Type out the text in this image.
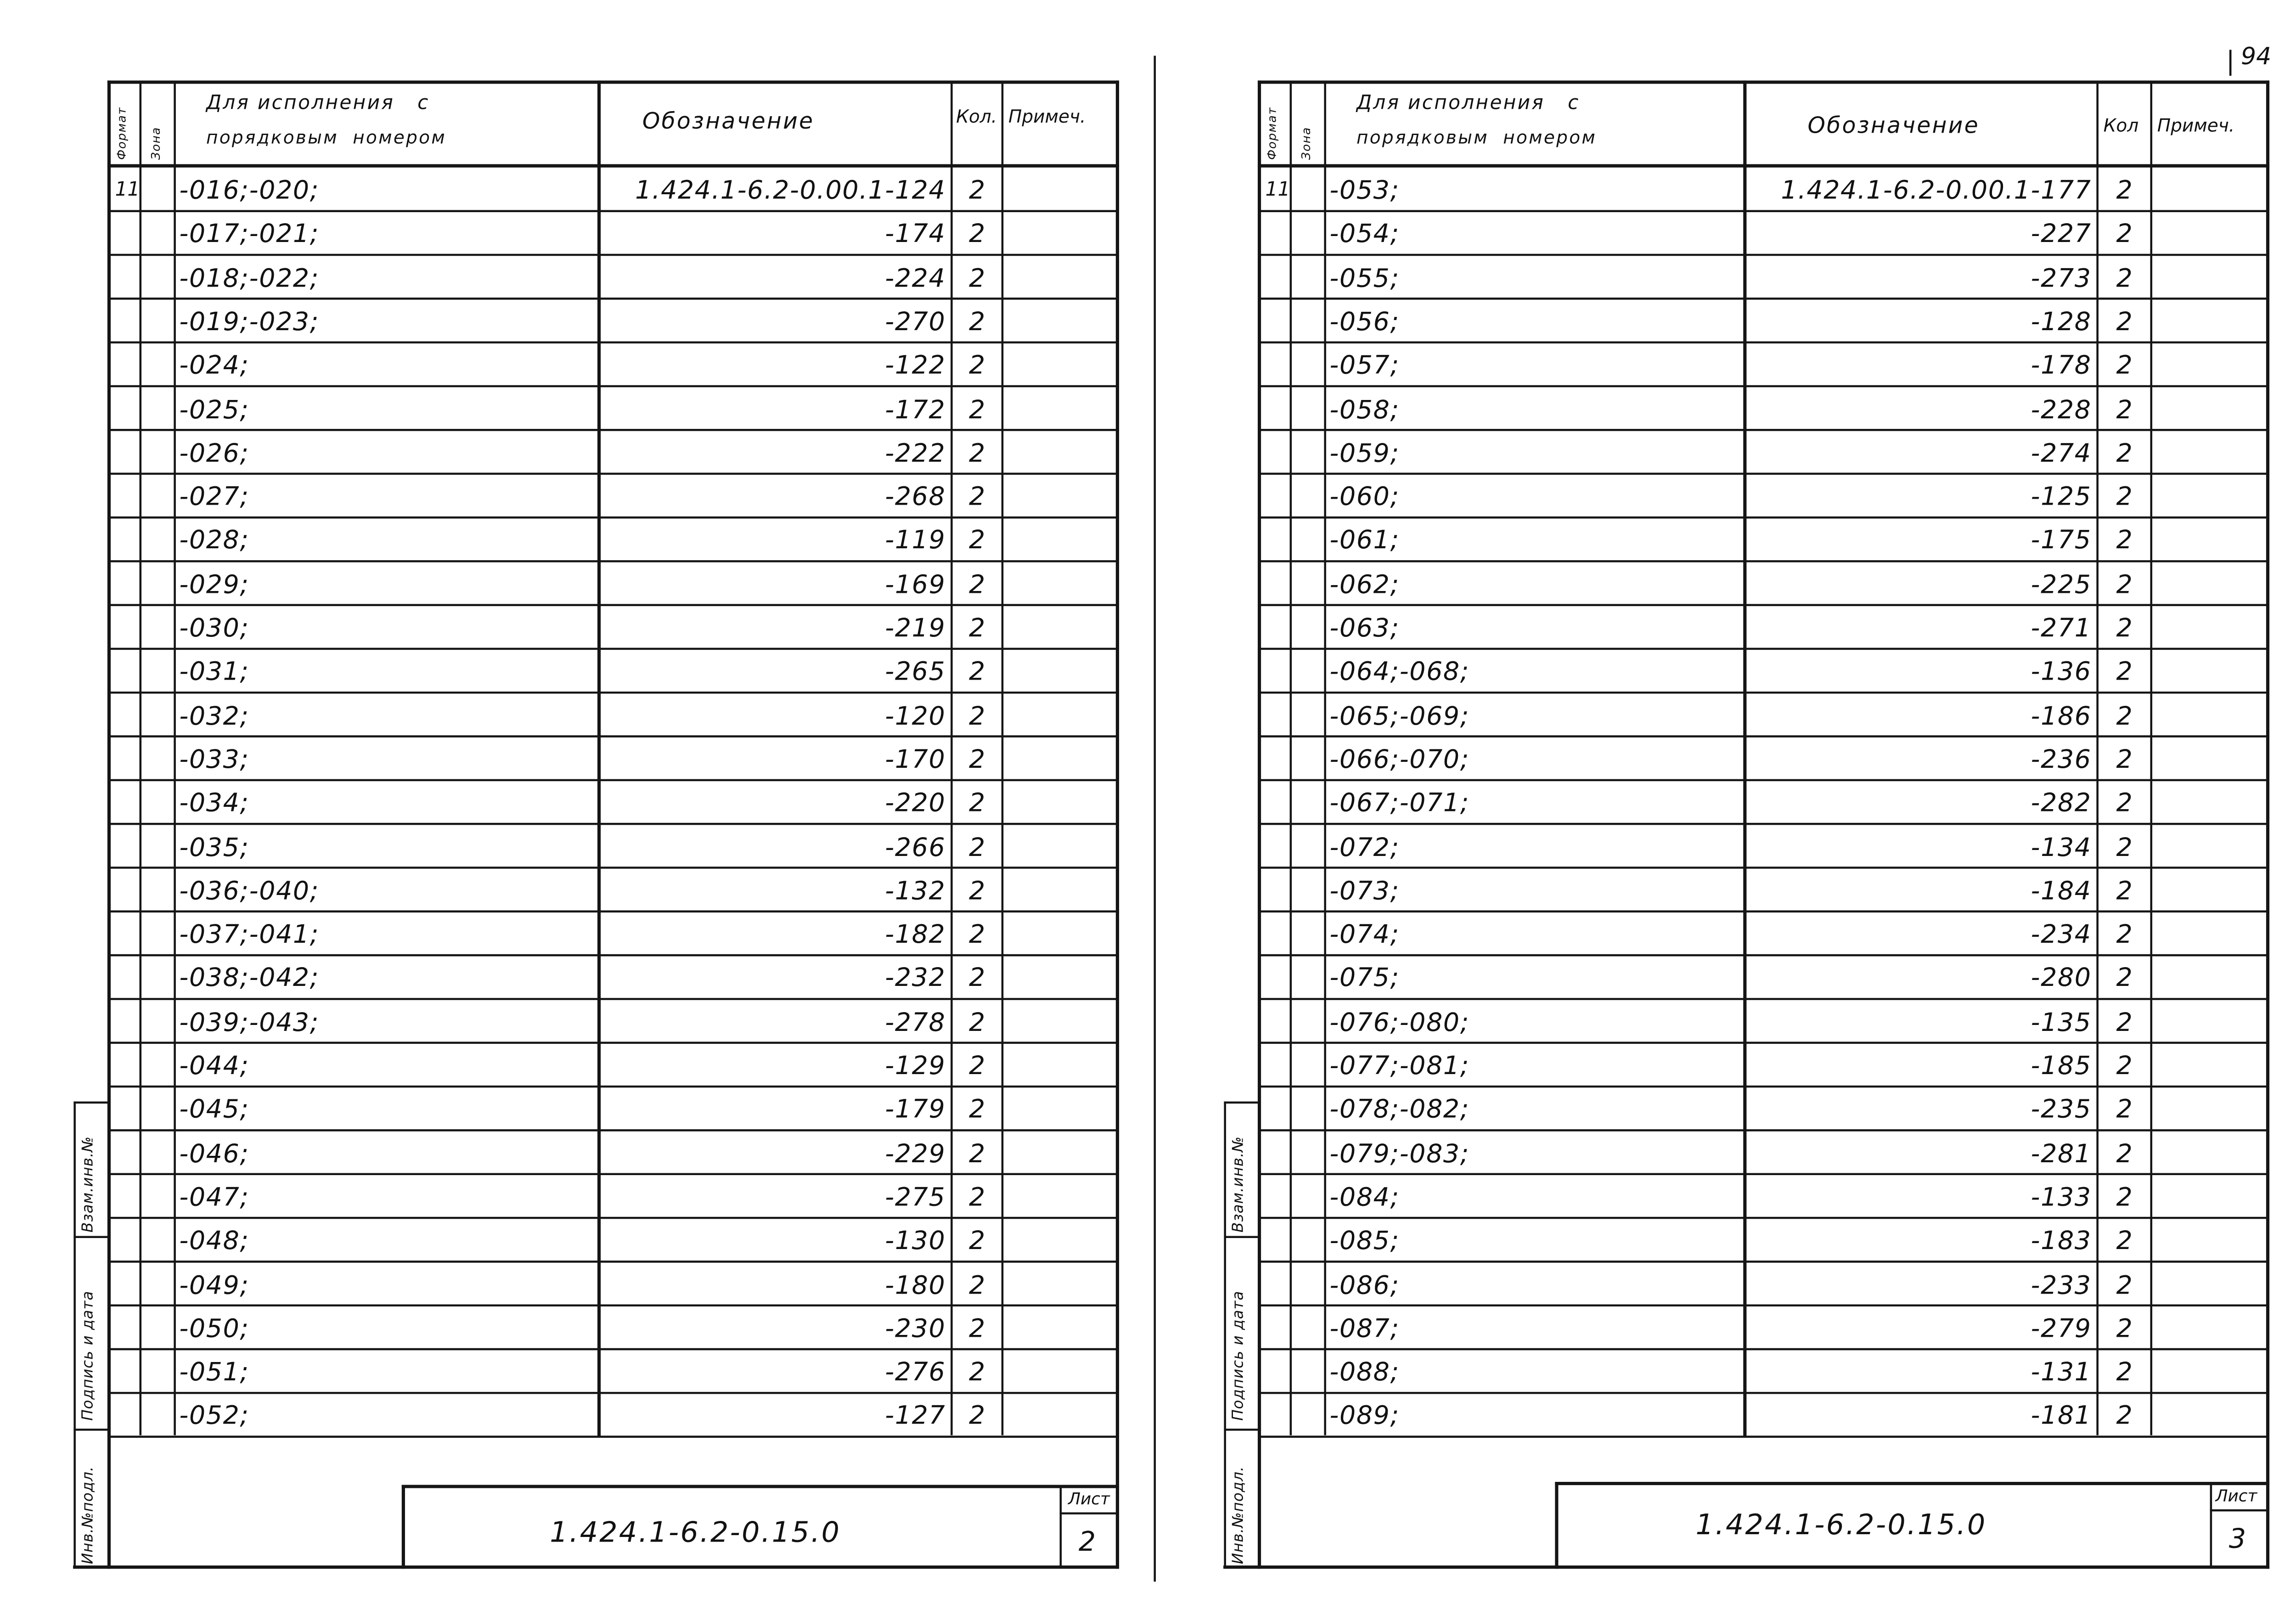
94
Формат	Зона
Для исполнения   с
порядковым  номером
Обозначение	Кол. Примеч.
11	-016;-020;	1.424.1-6.2-0.00.1-124	2
-017;-021;	-174	2
-018;-022;	-224	2
-019;-023;	-270	2
-024;	-122	2
-025;	-172	2
-026;	-222	2
-027;	-268	2
-028;	-119	2
-029;	-169	2
-030;	-219	2
-031;	-265	2
-032;	-120	2
-033;	-170	2
-034;	-220	2
-035;	-266	2
-036;-040;	-132	2
-037;-041;	-182	2
-038;-042;	-232	2
-039;-043;	-278	2
-044;	-129	2
-045;	-179	2
-046;	-229	2
-047;	-275	2
-048;	-130	2
-049;	-180	2
-050;	-230	2
-051;	-276	2
-052;	-127	2
Инв.№подл.
Подпись и дата
Взам.инв.№
1.424.1-6.2-0.15.0
Лист
2
Формат	Зона
Для исполнения   с
порядковым  номером	Обозначение	Кол	Примеч.
11	-053;	1.424.1-6.2-0.00.1-177	2
-054;	-227	2
-055;	-273	2
-056;	-128	2
-057;	-178	2
-058;	-228	2
-059;	-274	2
-060;	-125	2
-061;	-175	2
-062;	-225	2
-063;	-271	2
-064;-068;	-136	2
-065;-069;	-186	2
-066;-070;	-236	2
-067;-071;	-282	2
-072;	-134	2
-073;	-184	2
-074;	-234	2
-075;	-280	2
-076;-080;	-135	2
-077;-081;	-185	2
-078;-082;	-235	2
-079;-083;	-281	2
-084;	-133	2
-085;	-183	2
-086;	-233	2
-087;	-279	2
-088;	-131	2
-089;	-181	2
Инв.№подл.
Подпись и дата
Взам.инв.№
1.424.1-6.2-0.15.0
Лист
3
